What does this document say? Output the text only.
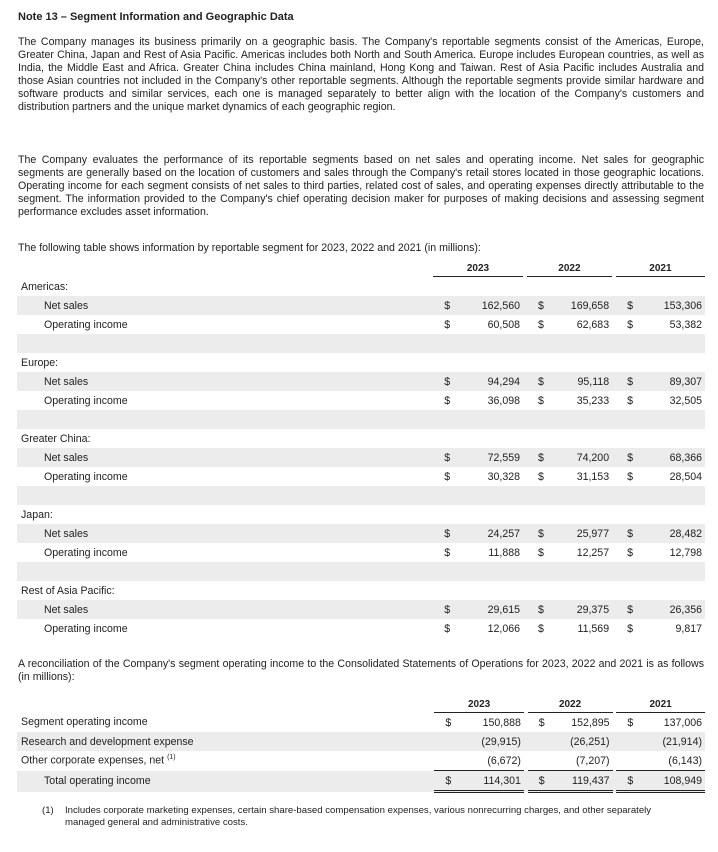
Note 13 – Segment Information and Geographic Data
The Company manages its business primarily on a geographic basis. The Company's reportable segments consist of the Americas, Europe, Greater China, Japan and Rest of Asia Pacific. Americas includes both North and South America. Europe includes European countries, as well as India, the Middle East and Africa. Greater China includes China mainland, Hong Kong and Taiwan. Rest of Asia Pacific includes Australia and those Asian countries not included in the Company's other reportable segments. Although the reportable segments provide similar hardware and software products and similar services, each one is managed separately to better align with the location of the Company's customers and distribution partners and the unique market dynamics of each geographic region.
The Company evaluates the performance of its reportable segments based on net sales and operating income. Net sales for geographic segments are generally based on the location of customers and sales through the Company's retail stores located in those geographic locations. Operating income for each segment consists of net sales to third parties, related cost of sales, and operating expenses directly attributable to the segment. The information provided to the Company's chief operating decision maker for purposes of making decisions and assessing segment performance excludes asset information.
The following table shows information by reportable segment for 2023, 2022 and 2021 (in millions):
	2023			2022			2021	
Americas:								
Net sales	$	162,560		$	169,658		$	153,306
Operating income	$	60,508		$	62,683		$	53,382

Europe:								
Net sales	$	94,294		$	95,118		$	89,307
Operating income	$	36,098		$	35,233		$	32,505

Greater China:								
Net sales	$	72,559		$	74,200		$	68,366
Operating income	$	30,328		$	31,153		$	28,504

Japan:								
Net sales	$	24,257		$	25,977		$	28,482
Operating income	$	11,888		$	12,257		$	12,798

Rest of Asia Pacific:								
Net sales	$	29,615		$	29,375		$	26,356
Operating income	$	12,066		$	11,569		$	9,817
A reconciliation of the Company's segment operating income to the Consolidated Statements of Operations for 2023, 2022 and 2021 is as follows (in millions):
	2023			2022			2021	
Segment operating income	$	150,888		$	152,895		$	137,006
Research and development expense		(29,915)			(26,251)			(21,914)
Other corporate expenses, net $^{(1)}$		(6,672)			(7,207)			(6,143)
Total operating income	$	114,301		$	119,437		$	108,949
(1) Includes corporate marketing expenses, certain share-based compensation expenses, various nonrecurring charges, and other separately managed general and administrative costs.
